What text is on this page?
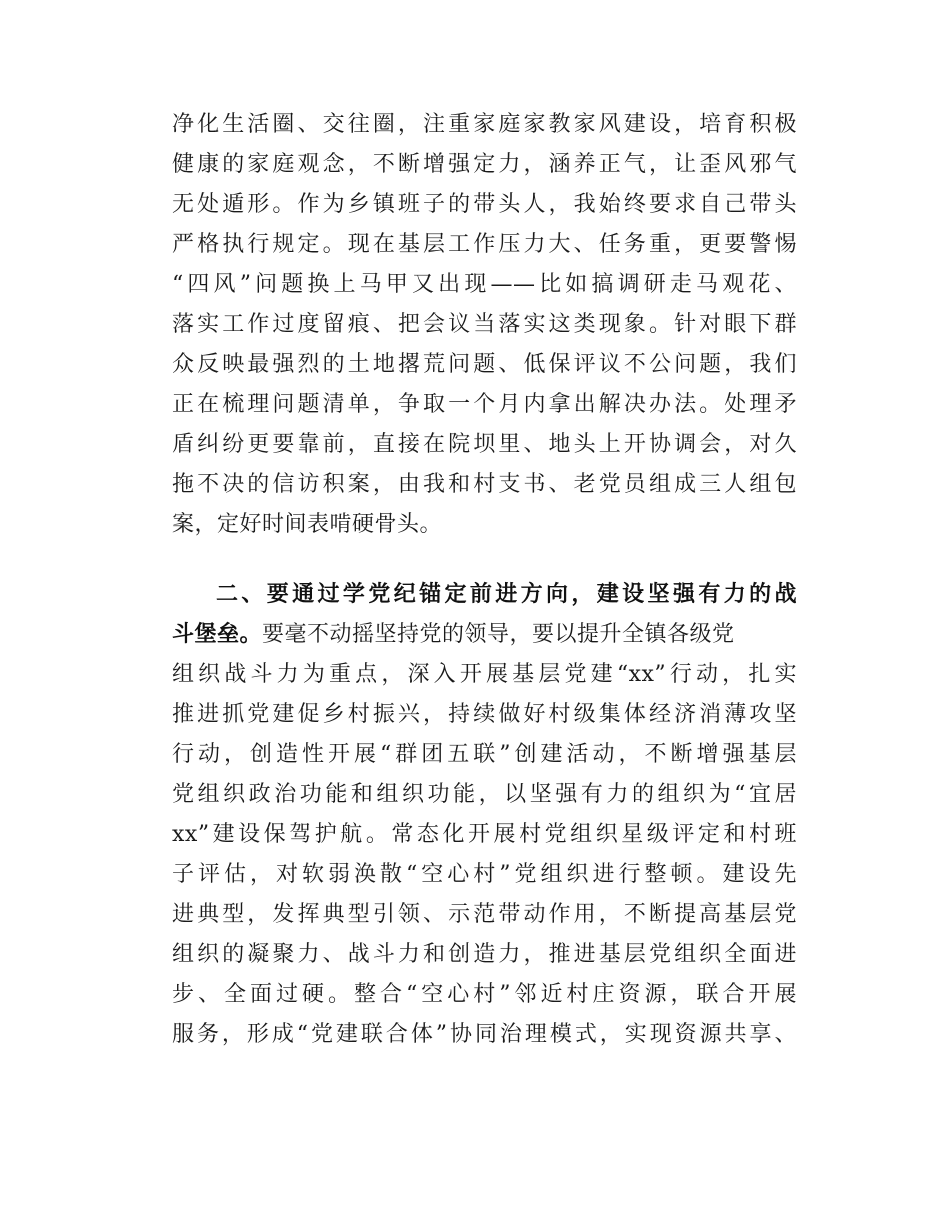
净化生活圈、交往圈，注重家庭家教家风建设，培育积极
健康的家庭观念，不断增强定力，涵养正气，让歪风邪气
无处遁形。作为乡镇班子的带头人，我始终要求自己带头
严格执行规定。现在基层工作压力大、任务重，更要警惕
“四风”问题换上马甲又出现——比如搞调研走马观花、
落实工作过度留痕、把会议当落实这类现象。针对眼下群
众反映最强烈的土地撂荒问题、低保评议不公问题，我们
正在梳理问题清单，争取一个月内拿出解决办法。处理矛
盾纠纷更要靠前，直接在院坝里、地头上开协调会，对久
拖不决的信访积案，由我和村支书、老党员组成三人组包
案，定好时间表啃硬骨头。
二、要通过学党纪锚定前进方向，建设坚强有力的战
斗堡垒。要毫不动摇坚持党的领导，要以提升全镇各级党
组织战斗力为重点，深入开展基层党建“xx”行动，扎实
推进抓党建促乡村振兴，持续做好村级集体经济消薄攻坚
行动，创造性开展“群团五联”创建活动，不断增强基层
党组织政治功能和组织功能，以坚强有力的组织为“宜居
xx”建设保驾护航。常态化开展村党组织星级评定和村班
子评估，对软弱涣散“空心村”党组织进行整顿。建设先
进典型，发挥典型引领、示范带动作用，不断提高基层党
组织的凝聚力、战斗力和创造力，推进基层党组织全面进
步、全面过硬。整合“空心村”邻近村庄资源，联合开展
服务，形成“党建联合体”协同治理模式，实现资源共享、
